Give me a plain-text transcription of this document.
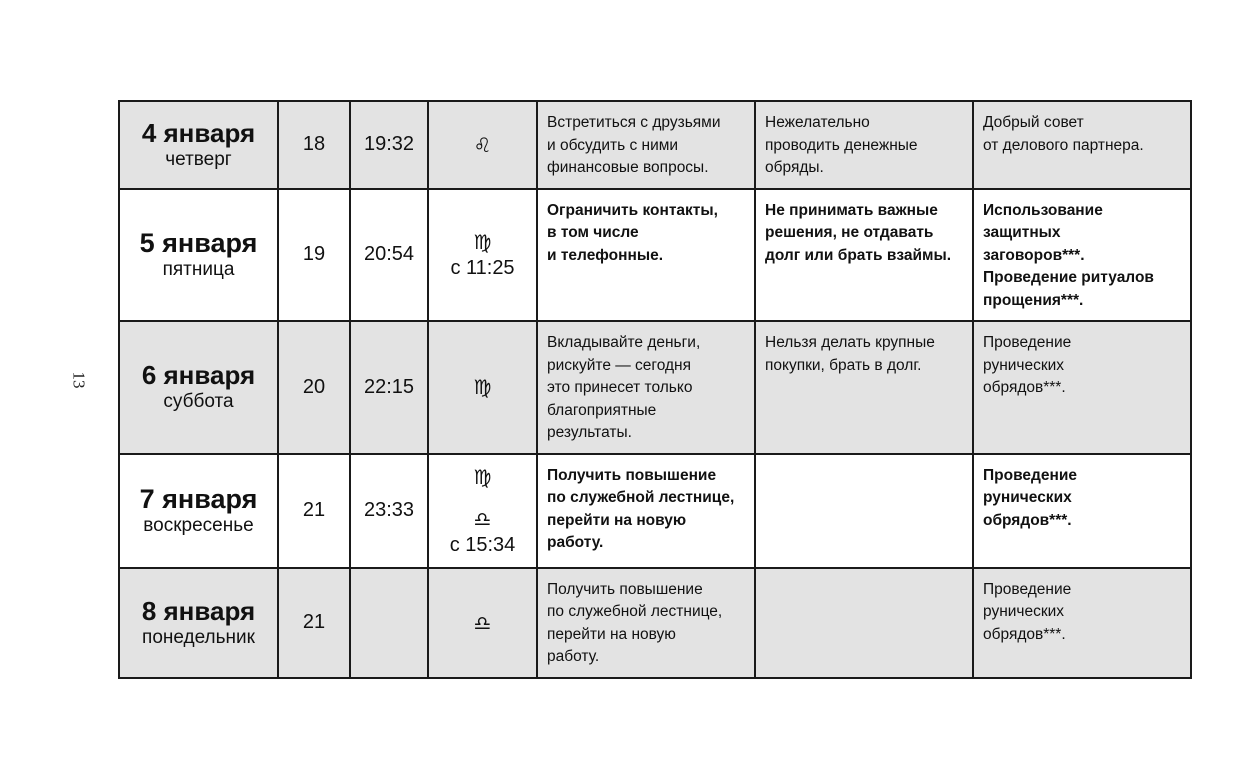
13
4 января
четверг	18	19:32	♌	Встретиться с друзьями
и обсудить с ними
финансовые вопросы.	Нежелательно
проводить денежные
обряды.	Добрый совет
от делового партнера.

5 января
пятница	19	20:54	♍
с 11:25	Ограничить контакты,
в том числе
и телефонные.	Не принимать важные
решения, не отдавать
долг или брать взаймы.	Использование
защитных
заговоров***.
Проведение ритуалов
прощения***.

6 января
суббота	20	22:15	♍	Вкладывайте деньги,
рискуйте — сегодня
это принесет только
благоприятные
результаты.	Нельзя делать крупные
покупки, брать в долг.	Проведение
рунических
обрядов***.

7 января
воскресенье	21	23:33	♍
♎
с 15:34	Получить повышение
по служебной лестнице,
перейти на новую
работу.		Проведение
рунических
обрядов***.

8 января
понедельник	21		♎	Получить повышение
по служебной лестнице,
перейти на новую
работу.		Проведение
рунических
обрядов***.
